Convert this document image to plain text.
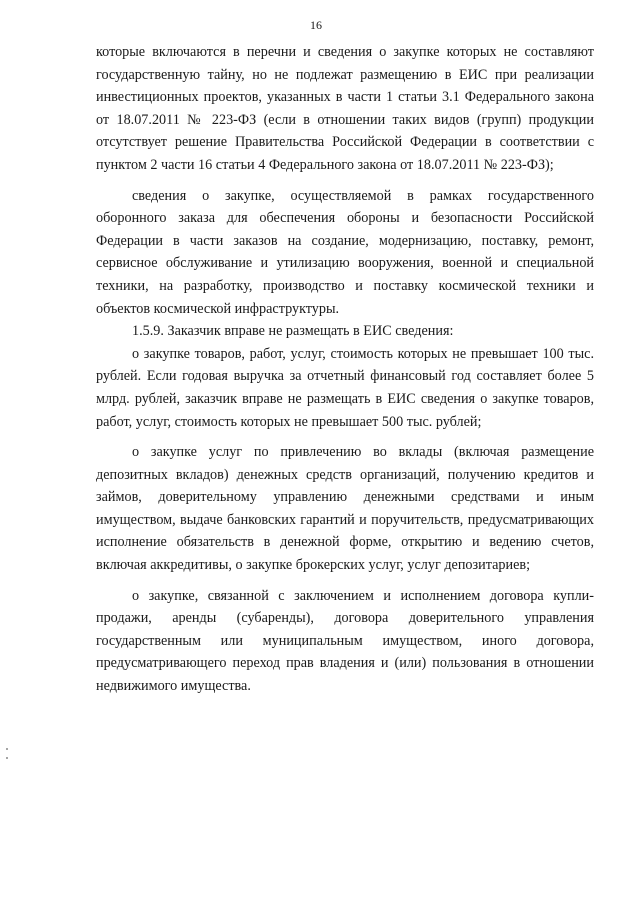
16

которые включаются в перечни и сведения о закупке которых не составляют государственную тайну, но не подлежат размещению в ЕИС при реализации инвестиционных проектов, указанных в части 1 статьи 3.1 Федерального закона от 18.07.2011 № 223-ФЗ (если в отношении таких видов (групп) продукции отсутствует решение Правительства Российской Федерации в соответствии с пунктом 2 части 16 статьи 4 Федерального закона от 18.07.2011 № 223-ФЗ);

сведения о закупке, осуществляемой в рамках государственного оборонного заказа для обеспечения обороны и безопасности Российской Федерации в части заказов на создание, модернизацию, поставку, ремонт, сервисное обслуживание и утилизацию вооружения, военной и специальной техники, на разработку, производство и поставку космической техники и объектов космической инфраструктуры.

1.5.9. Заказчик вправе не размещать в ЕИС сведения:

о закупке товаров, работ, услуг, стоимость которых не превышает 100 тыс. рублей. Если годовая выручка за отчетный финансовый год составляет более 5 млрд. рублей, заказчик вправе не размещать в ЕИС сведения о закупке товаров, работ, услуг, стоимость которых не превышает 500 тыс. рублей;

о закупке услуг по привлечению во вклады (включая размещение депозитных вкладов) денежных средств организаций, получению кредитов и займов, доверительному управлению денежными средствами и иным имуществом, выдаче банковских гарантий и поручительств, предусматривающих исполнение обязательств в денежной форме, открытию и ведению счетов, включая аккредитивы, о закупке брокерских услуг, услуг депозитариев;

о закупке, связанной с заключением и исполнением договора купли-продажи, аренды (субаренды), договора доверительного управления государственным или муниципальным имуществом, иного договора, предусматривающего переход прав владения и (или) пользования в отношении недвижимого имущества.
